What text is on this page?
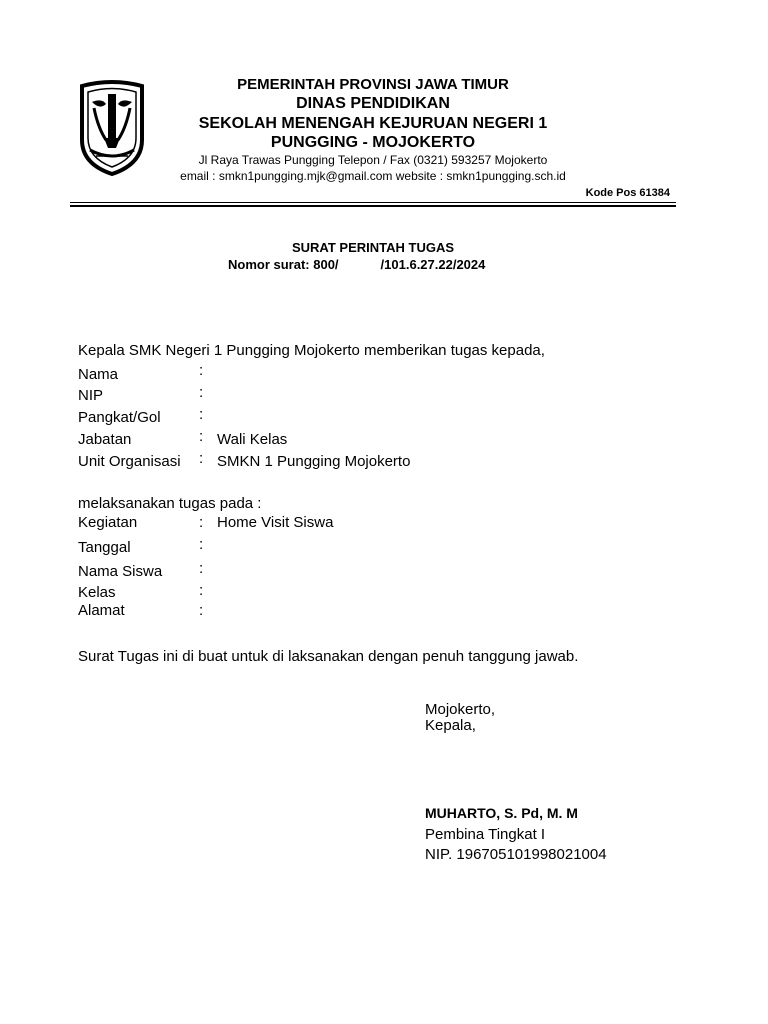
PEMERINTAH PROVINSI JAWA TIMUR
DINAS PENDIDIKAN
SEKOLAH MENENGAH KEJURUAN NEGERI 1
PUNGGING - MOJOKERTO
Jl Raya Trawas Pungging Telepon / Fax (0321) 593257 Mojokerto
email : smkn1pungging.mjk@gmail.com website : smkn1pungging.sch.id
Kode Pos 61384
SURAT PERINTAH TUGAS
Nomor surat: 800/	/101.6.27.22/2024
Kepala SMK Negeri 1 Pungging Mojokerto memberikan tugas kepada,
Nama	:
NIP	:
Pangkat/Gol	:
Jabatan	: Wali Kelas
Unit Organisasi : SMKN 1 Pungging Mojokerto
melaksanakan tugas pada :
Kegiatan	: Home Visit Siswa
Tanggal	:
Nama Siswa :
Kelas	:
Alamat	:
Surat Tugas ini di buat untuk di laksanakan dengan penuh tanggung jawab.
Mojokerto,
Kepala,
MUHARTO, S. Pd, M. M
Pembina Tingkat I
NIP. 196705101998021004
